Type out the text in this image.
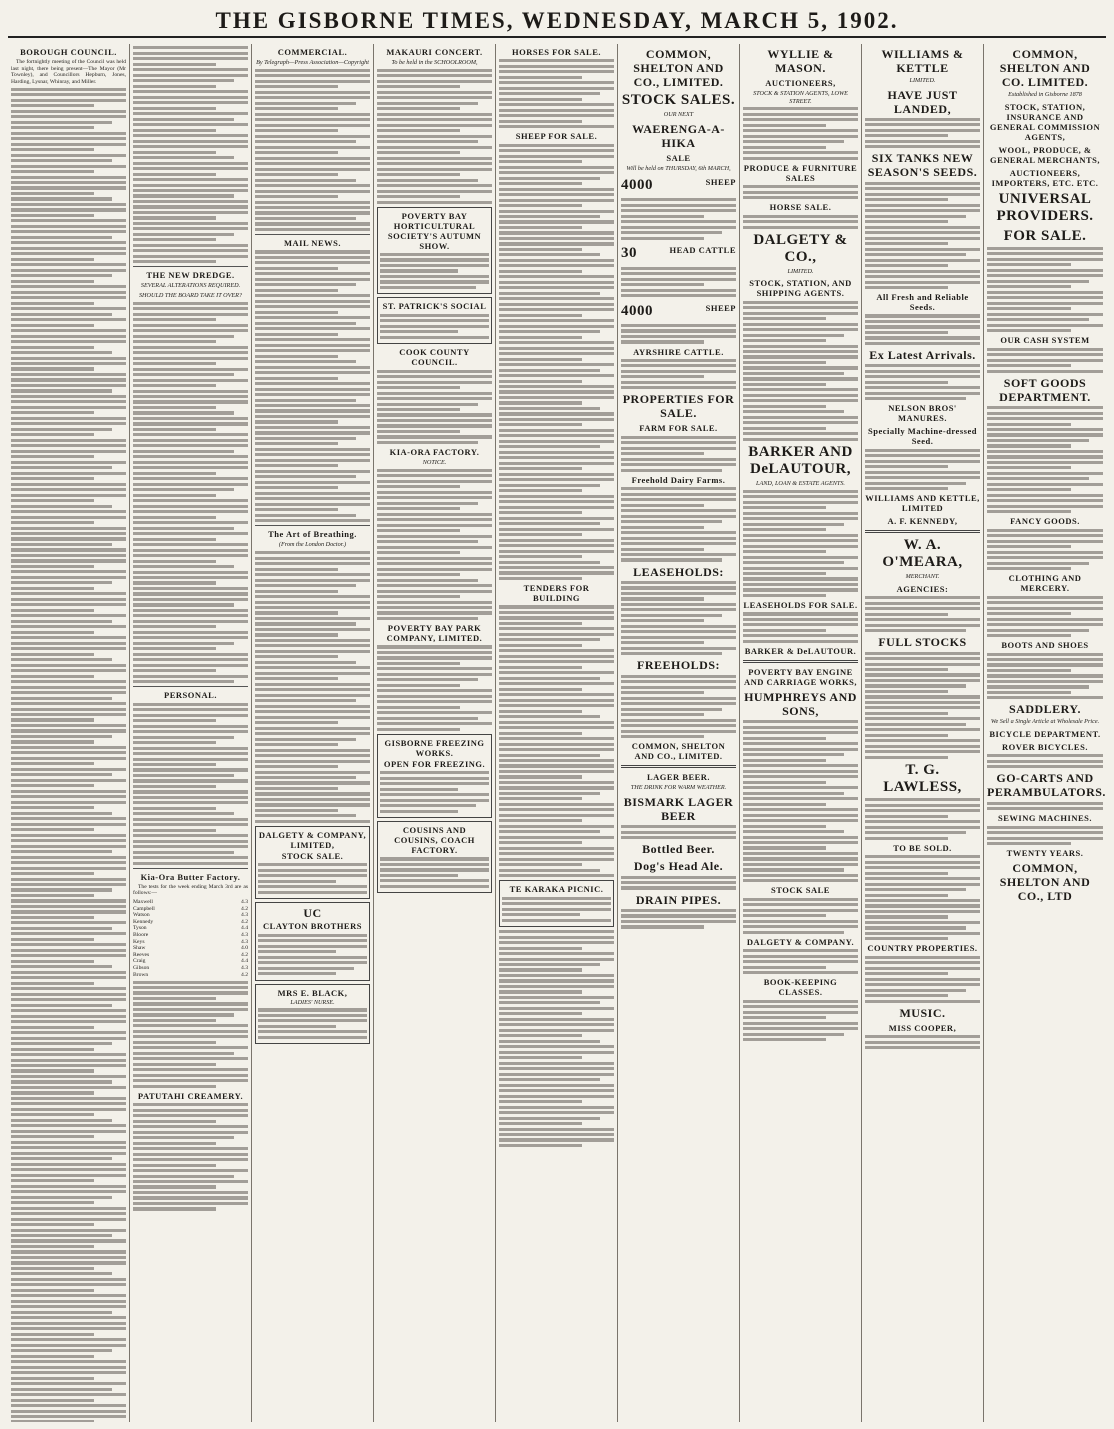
THE GISBORNE TIMES, WEDNESDAY, MARCH 5, 1902.
BOROUGH COUNCIL.
The fortnightly meeting of the Council was held last night, there being present—The Mayor (Mr Townley), and Councillors Hepburn, Jones, Harding, Lysnar, Whinray, and Miller.
THE NEW DREDGE.
SEVERAL ALTERATIONS REQUIRED.
SHOULD THE BOARD TAKE IT OVER?
PERSONAL.
Kia-Ora Butter Factory.
The tests for the week ending March 3rd are as follows:—
Maxwell	4.3
Campbell	4.2
Watson	4.3
Kennedy	4.2
Tyson	4.4
Bloore	4.3
Keys	4.3
Shaw	4.0
Reeves	4.2
Craig	4.4
Gibson	4.3
Brown	4.2
PATUTAHI CREAMERY.
COMMERCIAL.
By Telegraph—Press Association—Copyright
MAIL NEWS.
The Art of Breathing.
(From the London Doctor.)
DALGETY & COMPANY, LIMITED,
STOCK SALE.
UC
CLAYTON BROTHERS
MRS E. BLACK,
LADIES' NURSE.
MAKAURI CONCERT.
To be held in the SCHOOLROOM,
POVERTY BAY HORTICULTURAL SOCIETY'S AUTUMN SHOW.
ST. PATRICK'S SOCIAL
COOK COUNTY COUNCIL.
KIA-ORA FACTORY.
NOTICE.
POVERTY BAY PARK COMPANY, LIMITED.
GISBORNE FREEZING WORKS.
OPEN FOR FREEZING.
COUSINS AND COUSINS, COACH FACTORY.
HORSES FOR SALE.
SHEEP FOR SALE.
TENDERS FOR BUILDING
TE KARAKA PICNIC.
COMMON, SHELTON AND CO., LIMITED.
STOCK SALES.
OUR NEXT
WAERENGA-A-HIKA
SALE
Will be held on THURSDAY, 6th MARCH,
4000	SHEEP
30	HEAD CATTLE
4000	SHEEP
AYRSHIRE CATTLE.
PROPERTIES FOR SALE.
FARM FOR SALE.
Freehold Dairy Farms.
LEASEHOLDS:
FREEHOLDS:
COMMON, SHELTON AND CO., LIMITED.
LAGER BEER.
THE DRINK FOR WARM WEATHER.
BISMARK LAGER BEER
Bottled Beer.
Dog's Head Ale.
DRAIN PIPES.
WYLLIE & MASON.
AUCTIONEERS,
STOCK & STATION AGENTS, LOWE STREET.
PRODUCE & FURNITURE SALES
HORSE SALE.
DALGETY & CO.,
LIMITED.
STOCK, STATION, AND SHIPPING AGENTS.
BARKER AND DeLAUTOUR,
LAND, LOAN & ESTATE AGENTS.
LEASEHOLDS FOR SALE.
BARKER & DeLAUTOUR.
POVERTY BAY ENGINE AND CARRIAGE WORKS,
HUMPHREYS AND SONS,
STOCK SALE
DALGETY & COMPANY.
BOOK-KEEPING CLASSES.
WILLIAMS & KETTLE
LIMITED.
HAVE JUST LANDED,
SIX TANKS NEW SEASON'S SEEDS.
All Fresh and Reliable Seeds.
Ex Latest Arrivals.
NELSON BROS' MANURES.
Specially Machine-dressed Seed.
WILLIAMS AND KETTLE, LIMITED
A. F. KENNEDY,
W. A. O'MEARA,
MERCHANT.
AGENCIES:
FULL STOCKS
T. G. LAWLESS,
TO BE SOLD.
COUNTRY PROPERTIES.
MUSIC.
MISS COOPER,
COMMON, SHELTON AND CO. LIMITED.
Established in Gisborne 1878
STOCK, STATION, INSURANCE AND GENERAL COMMISSION AGENTS,
WOOL, PRODUCE, & GENERAL MERCHANTS,
AUCTIONEERS, IMPORTERS, ETC. ETC.
UNIVERSAL PROVIDERS.
FOR SALE.
OUR CASH SYSTEM
SOFT GOODS DEPARTMENT.
FANCY GOODS.
CLOTHING AND MERCERY.
BOOTS AND SHOES
SADDLERY.
We Sell a Single Article at Wholesale Price.
BICYCLE DEPARTMENT.
ROVER BICYCLES.
GO-CARTS AND PERAMBULATORS.
SEWING MACHINES.
TWENTY YEARS.
COMMON, SHELTON AND CO., LTD
